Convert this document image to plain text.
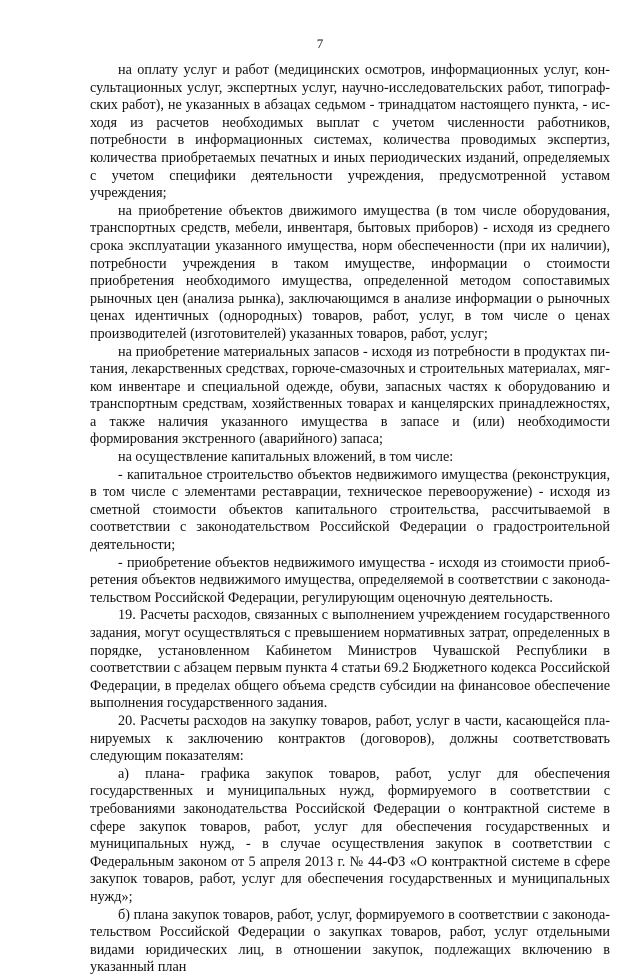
7

на оплату услуг и работ (медицинских осмотров, информационных услуг, консультационных услуг, экспертных услуг, научно-исследовательских работ, типографских работ), не указанных в абзацах седьмом - тринадцатом настоящего пункта, - исходя из расчетов необходимых выплат с учетом численности работников, потребности в информационных системах, количества проводимых экспертиз, количества приобретаемых печатных и иных периодических изданий, определяемых с учетом специфики деятельности учреждения, предусмотренной уставом учреждения;

на приобретение объектов движимого имущества (в том числе оборудования, транспортных средств, мебели, инвентаря, бытовых приборов) - исходя из среднего срока эксплуатации указанного имущества, норм обеспеченности (при их наличии), потребности учреждения в таком имуществе, информации о стоимости приобретения необходимого имущества, определенной методом сопоставимых рыночных цен (анализа рынка), заключающимся в анализе информации о рыночных ценах идентичных (однородных) товаров, работ, услуг, в том числе о ценах производителей (изготовителей) указанных товаров, работ, услуг;

на приобретение материальных запасов - исходя из потребности в продуктах питания, лекарственных средствах, горюче-смазочных и строительных материалах, мягком инвентаре и специальной одежде, обуви, запасных частях к оборудованию и транспортным средствам, хозяйственных товарах и канцелярских принадлежностях, а также наличия указанного имущества в запасе и (или) необходимости формирования экстренного (аварийного) запаса;

на осуществление капитальных вложений, в том числе:

- капитальное строительство объектов недвижимого имущества (реконструкция, в том числе с элементами реставрации, техническое перевооружение) - исходя из сметной стоимости объектов капитального строительства, рассчитываемой в соответствии с законодательством Российской Федерации о градостроительной деятельности;

- приобретение объектов недвижимого имущества - исходя из стоимости приобретения объектов недвижимого имущества, определяемой в соответствии с законодательством Российской Федерации, регулирующим оценочную деятельность.

19. Расчеты расходов, связанных с выполнением учреждением государственного задания, могут осуществляться с превышением нормативных затрат, определенных в порядке, установленном Кабинетом Министров Чувашской Республики в соответствии с абзацем первым пункта 4 статьи 69.2 Бюджетного кодекса Российской Федерации, в пределах общего объема средств субсидии на финансовое обеспечение выполнения государственного задания.

20. Расчеты расходов на закупку товаров, работ, услуг в части, касающейся планируемых к заключению контрактов (договоров), должны соответствовать следующим показателям:

а) плана- графика закупок товаров, работ, услуг для обеспечения государственных и муниципальных нужд, формируемого в соответствии с требованиями законодательства Российской Федерации о контрактной системе в сфере закупок товаров, работ, услуг для обеспечения государственных и муниципальных нужд, - в случае осуществления закупок в соответствии с Федеральным законом от 5 апреля 2013 г. № 44-ФЗ «О контрактной системе в сфере закупок товаров, работ, услуг для обеспечения государственных и муниципальных нужд»;

б) плана закупок товаров, работ, услуг, формируемого в соответствии с законодательством Российской Федерации о закупках товаров, работ, услуг отдельными видами юридических лиц, в отношении закупок, подлежащих включению в указанный план
